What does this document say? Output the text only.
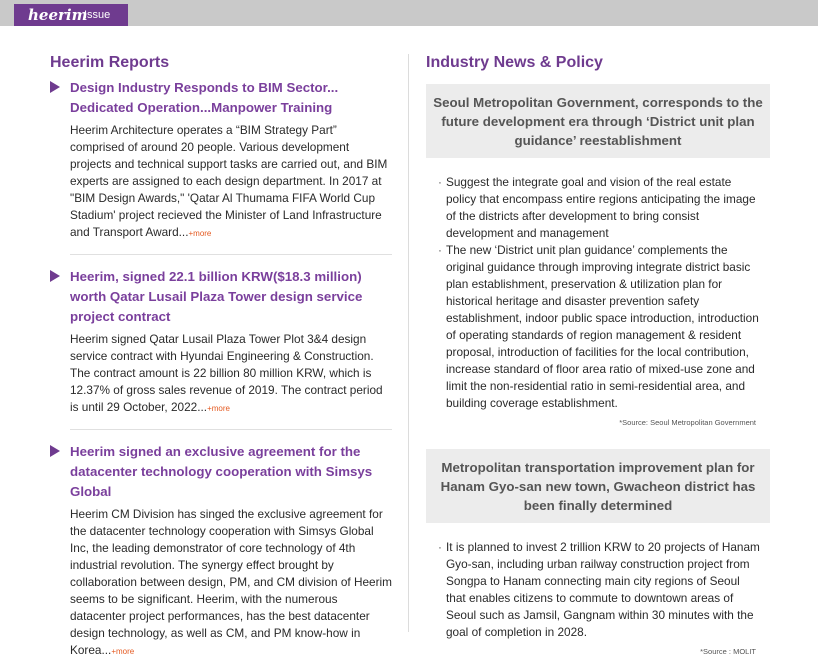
heerim
Issue
Heerim Reports
Design Industry Responds to BIM Sector... Dedicated Operation...Manpower Training
Heerim Architecture operates a “BIM Strategy Part” comprised of around 20 people. Various development projects and technical support tasks are carried out, and BIM experts are assigned to each design department. In 2017 at "BIM Design Awards," 'Qatar Al Thumama FIFA World Cup Stadium' project recieved the Minister of Land Infrastructure and Transport Award...+more
Heerim, signed 22.1 billion KRW($18.3 million) worth Qatar Lusail Plaza Tower design service project contract
Heerim signed Qatar Lusail Plaza Tower Plot 3&4 design service contract with Hyundai Engineering & Construction. The contract amount is 22 billion 80 million KRW, which is 12.37% of gross sales revenue of 2019. The contract period is until 29 October, 2022...+more
Heerim signed an exclusive agreement for the datacenter technology cooperation with Simsys Global
Heerim CM Division has singed the exclusive agreement for the datacenter technology cooperation with Simsys Global Inc, the leading demonstrator of core technology of 4th industrial revolution. The synergy effect brought by collaboration between design, PM, and CM division of Heerim seems to be significant. Heerim, with the numerous datacenter project performances, has the best datacenter design technology, as well as CM, and PM know-how in Korea...+more
Industry News & Policy
Seoul Metropolitan Government, corresponds to the future development era through ‘District unit plan guidance’ reestablishment
· Suggest the integrate goal and vision of the real estate policy that encompass entire regions anticipating the image of the districts after development to bring consist development and management
· The new ‘District unit plan guidance’ complements the original guidance through improving integrate district basic plan establishment, preservation & utilization plan for historical heritage and disaster prevention safety establishment, indoor public space introduction, introduction of operating standards of region management & resident proposal, introduction of facilities for the local contribution, increase standard of floor area ratio of mixed-use zone and limit the non-residential ratio in semi-residential area, and building coverage establishment.
*Source: Seoul Metropolitan Government
Metropolitan transportation improvement plan for Hanam Gyo-san new town, Gwacheon district has been finally determined
· It is planned to invest 2 trillion KRW to 20 projects of Hanam Gyo-san, including urban railway construction project from Songpa to Hanam connecting main city regions of Seoul that enables citizens to commute to downtown areas of Seoul such as Jamsil, Gangnam within 30 minutes with the goal of completion in 2028.
*Source : MOLIT
